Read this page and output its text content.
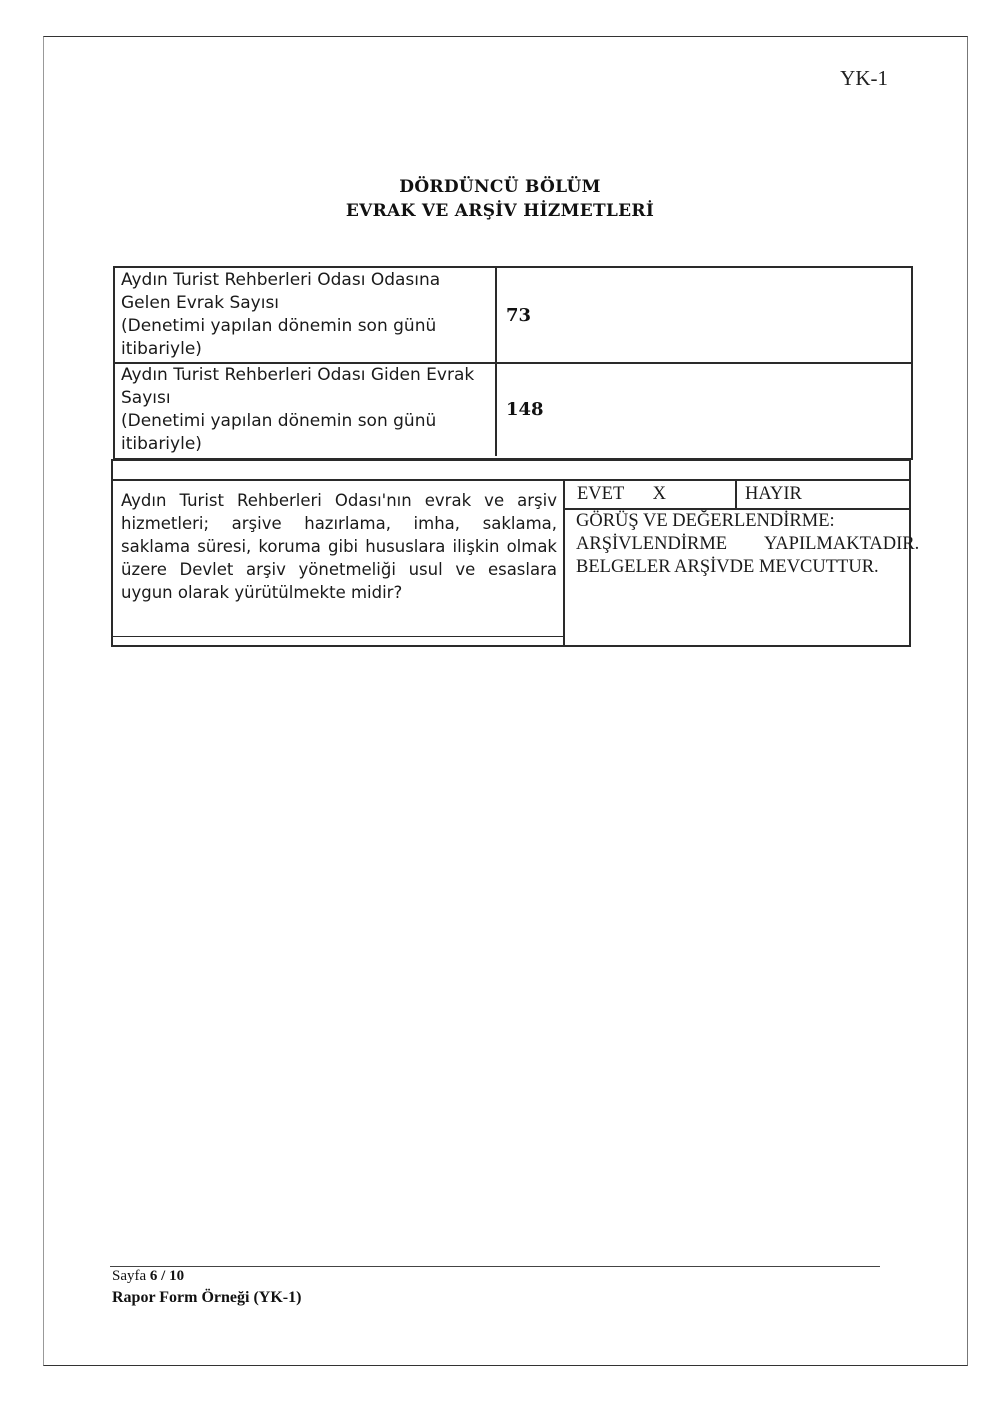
YK-1
DÖRDÜNCÜ BÖLÜM
EVRAK VE ARŞİV HİZMETLERİ
Aydın Turist Rehberleri Odası Odasına
Gelen Evrak Sayısı
(Denetimi yapılan dönemin son günü
itibariyle)
73
Aydın Turist Rehberleri Odası Giden Evrak
Sayısı
(Denetimi yapılan dönemin son günü
itibariyle)
148
Aydın Turist Rehberleri Odası'nın evrak ve arşiv hizmetleri; arşive hazırlama, imha, saklama, saklama süresi, koruma gibi hususlara ilişkin olmak üzere Devlet arşiv yönetmeliği usul ve esaslara uygun olarak yürütülmekte midir?
EVET X	HAYIR
GÖRÜŞ VE DEĞERLENDİRME:
ARŞİVLENDİRME YAPILMAKTADIR.
BELGELER ARŞİVDE MEVCUTTUR.
Sayfa 6 / 10
Rapor Form Örneği (YK-1)
